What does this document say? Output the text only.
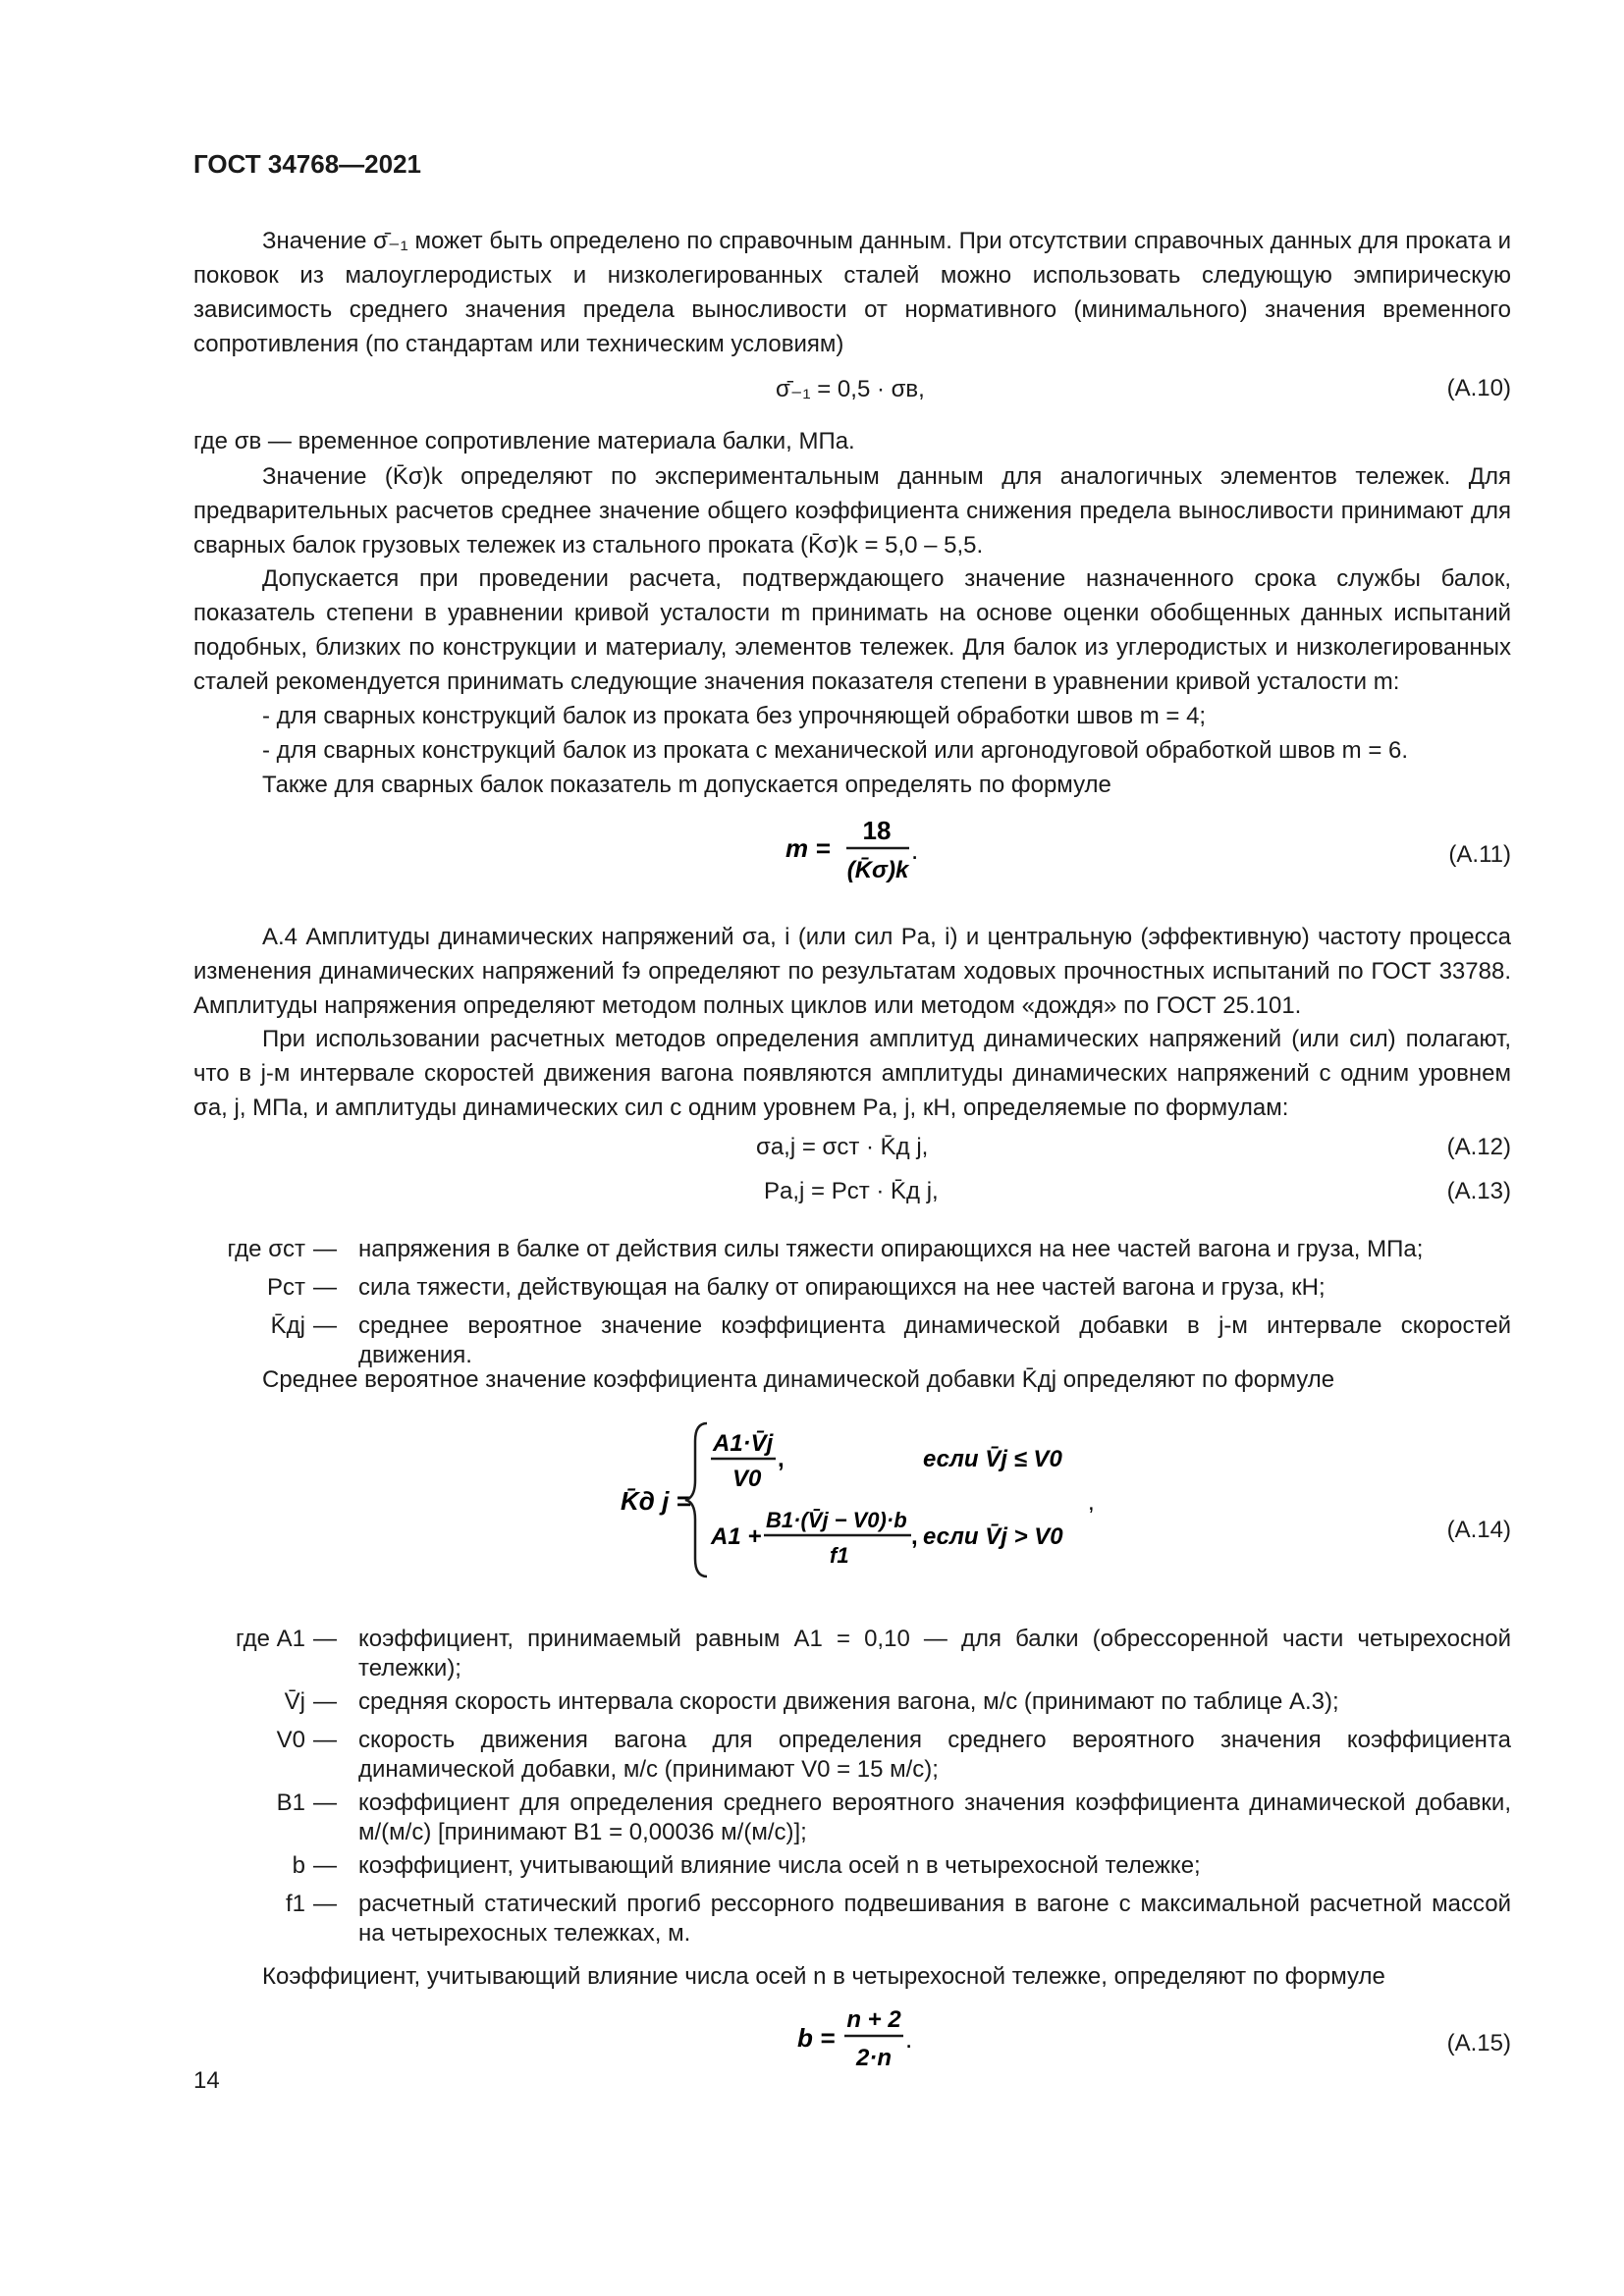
ГОСТ 34768—2021
Значение σ̄₋₁ может быть определено по справочным данным. При отсутствии справочных данных для проката и поковок из малоуглеродистых и низколегированных сталей можно использовать следующую эмпирическую зависимость среднего значения предела выносливости от нормативного (минимального) значения временного сопротивления (по стандартам или техническим условиям)
σ̄₋₁ = 0,5 · σв,	(А.10)
где σв — временное сопротивление материала балки, МПа.
Значение (K̄σ)k определяют по экспериментальным данным для аналогичных элементов тележек. Для предварительных расчетов среднее значение общего коэффициента снижения предела выносливости принимают для сварных балок грузовых тележек из стального проката (K̄σ)k = 5,0 – 5,5.
Допускается при проведении расчета, подтверждающего значение назначенного срока службы балок, показатель степени в уравнении кривой усталости m принимать на основе оценки обобщенных данных испытаний подобных, близких по конструкции и материалу, элементов тележек. Для балок из углеродистых и низколегированных сталей рекомендуется принимать следующие значения показателя степени в уравнении кривой усталости m:
- для сварных конструкций балок из проката без упрочняющей обработки швов m = 4;
- для сварных конструкций балок из проката с механической или аргонодуговой обработкой швов m = 6.
Также для сварных балок показатель m допускается определять по формуле
m =
18
(K̄σ)k
.	(А.11)
А.4 Амплитуды динамических напряжений σa, i (или сил Pa, i) и центральную (эффективную) частоту процесса изменения динамических напряжений fэ определяют по результатам ходовых прочностных испытаний по ГОСТ 33788. Амплитуды напряжения определяют методом полных циклов или методом «дождя» по ГОСТ 25.101.
При использовании расчетных методов определения амплитуд динамических напряжений (или сил) полагают, что в j-м интервале скоростей движения вагона появляются амплитуды динамических напряжений с одним уровнем σa, j, МПа, и амплитуды динамических сил с одним уровнем Pa, j, кН, определяемые по формулам:
σa,j = σст · K̄д j,	(А.12)
Pa,j = Pст · K̄д j,	(А.13)
где σст — напряжения в балке от действия силы тяжести опирающихся на нее частей вагона и груза, МПа;
Pст — сила тяжести, действующая на балку от опирающихся на нее частей вагона и груза, кН;
K̄дj — среднее вероятное значение коэффициента динамической добавки в j-м интервале скоростей движения.
Среднее вероятное значение коэффициента динамической добавки K̄дj определяют по формуле
K̄д j =
A1·V̄j
V0
,	если V̄j ≤ V0
A1 +
B1·(V̄j − V0)·b
f1
, если V̄j > V0
,
(А.14)
где A1 — коэффициент, принимаемый равным A1 = 0,10 — для балки (обрессоренной части четырехосной тележки);
V̄j — средняя скорость интервала скорости движения вагона, м/с (принимают по таблице А.3);
V0 — скорость движения вагона для определения среднего вероятного значения коэффициента динамической добавки, м/с (принимают V0 = 15 м/с);
B1 — коэффициент для определения среднего вероятного значения коэффициента динамической добавки, м/(м/с) [принимают B1 = 0,00036 м/(м/с)];
b — коэффициент, учитывающий влияние числа осей n в четырехосной тележке;
f1 — расчетный статический прогиб рессорного подвешивания в вагоне с максимальной расчетной массой на четырехосных тележках, м.
Коэффициент, учитывающий влияние числа осей n в четырехосной тележке, определяют по формуле
b =
n + 2
2·n
.	(А.15)
14
